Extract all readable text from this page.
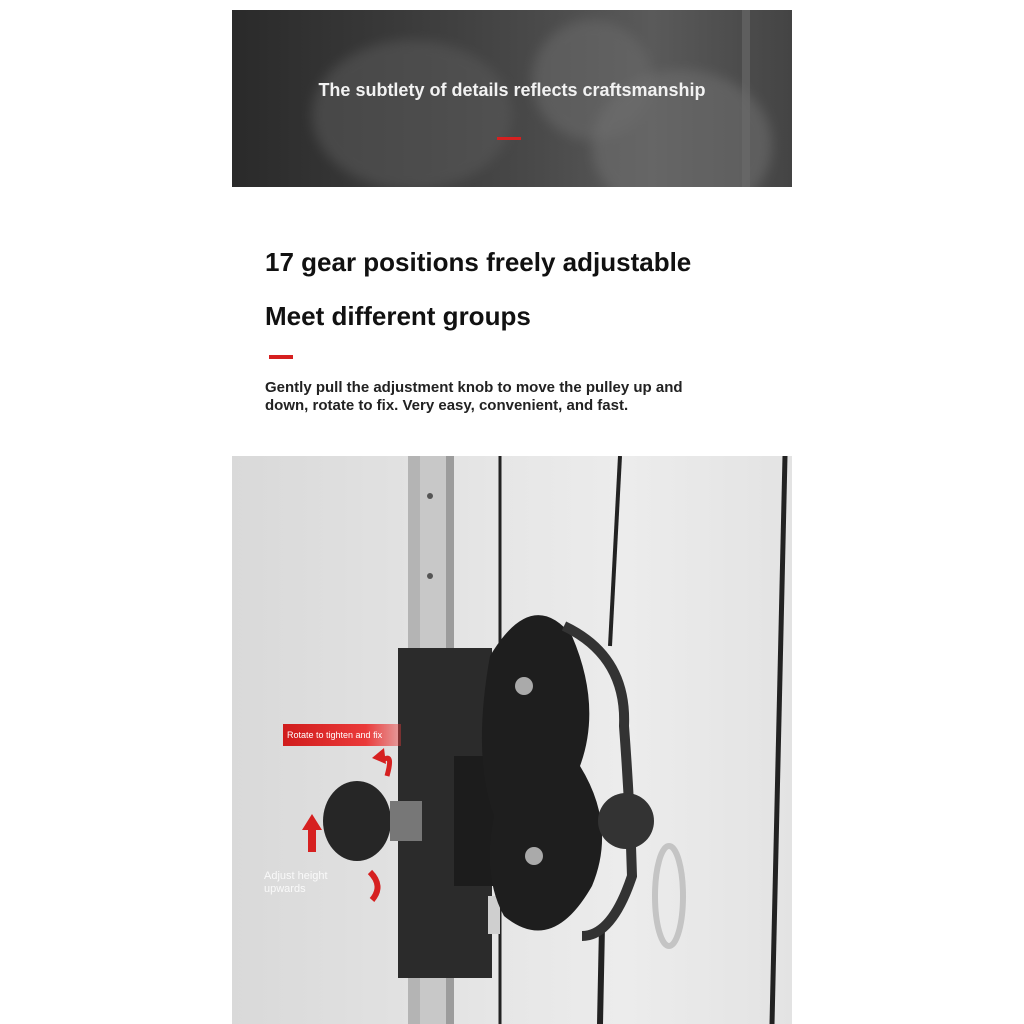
The subtlety of details reflects craftsmanship
17 gear positions freely adjustable
Meet different groups
Gently pull the adjustment knob to move the pulley up and down, rotate to fix. Very easy, convenient, and fast.
Rotate to tighten and fix
Adjust height upwards
